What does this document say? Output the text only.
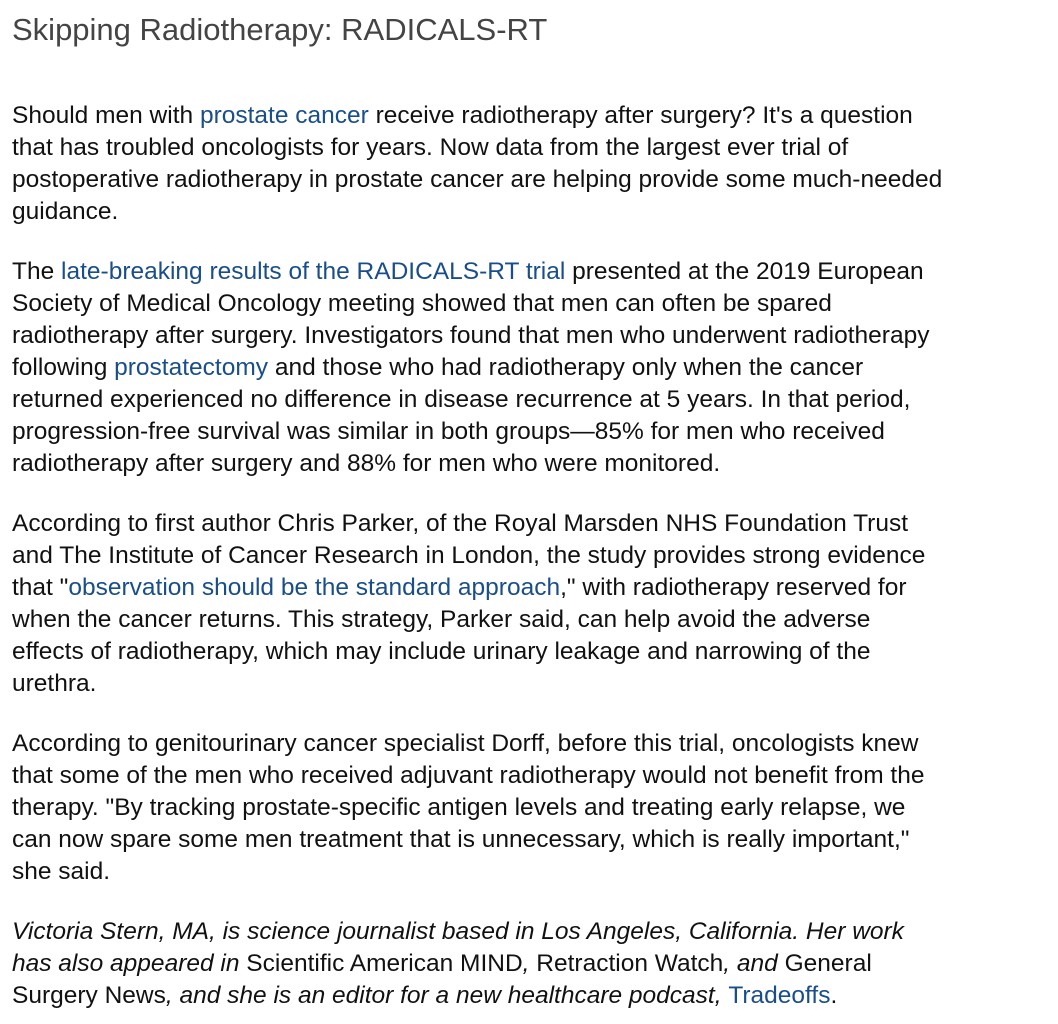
Skipping Radiotherapy: RADICALS-RT

Should men with prostate cancer receive radiotherapy after surgery? It's a question
that has troubled oncologists for years. Now data from the largest ever trial of
postoperative radiotherapy in prostate cancer are helping provide some much-needed
guidance.

The late-breaking results of the RADICALS-RT trial presented at the 2019 European
Society of Medical Oncology meeting showed that men can often be spared
radiotherapy after surgery. Investigators found that men who underwent radiotherapy
following prostatectomy and those who had radiotherapy only when the cancer
returned experienced no difference in disease recurrence at 5 years. In that period,
progression-free survival was similar in both groups—85% for men who received
radiotherapy after surgery and 88% for men who were monitored.

According to first author Chris Parker, of the Royal Marsden NHS Foundation Trust
and The Institute of Cancer Research in London, the study provides strong evidence
that "observation should be the standard approach," with radiotherapy reserved for
when the cancer returns. This strategy, Parker said, can help avoid the adverse
effects of radiotherapy, which may include urinary leakage and narrowing of the
urethra.

According to genitourinary cancer specialist Dorff, before this trial, oncologists knew
that some of the men who received adjuvant radiotherapy would not benefit from the
therapy. "By tracking prostate-specific antigen levels and treating early relapse, we
can now spare some men treatment that is unnecessary, which is really important,"
she said.

Victoria Stern, MA, is science journalist based in Los Angeles, California. Her work
has also appeared in Scientific American MIND, Retraction Watch, and General
Surgery News, and she is an editor for a new healthcare podcast, Tradeoffs.
